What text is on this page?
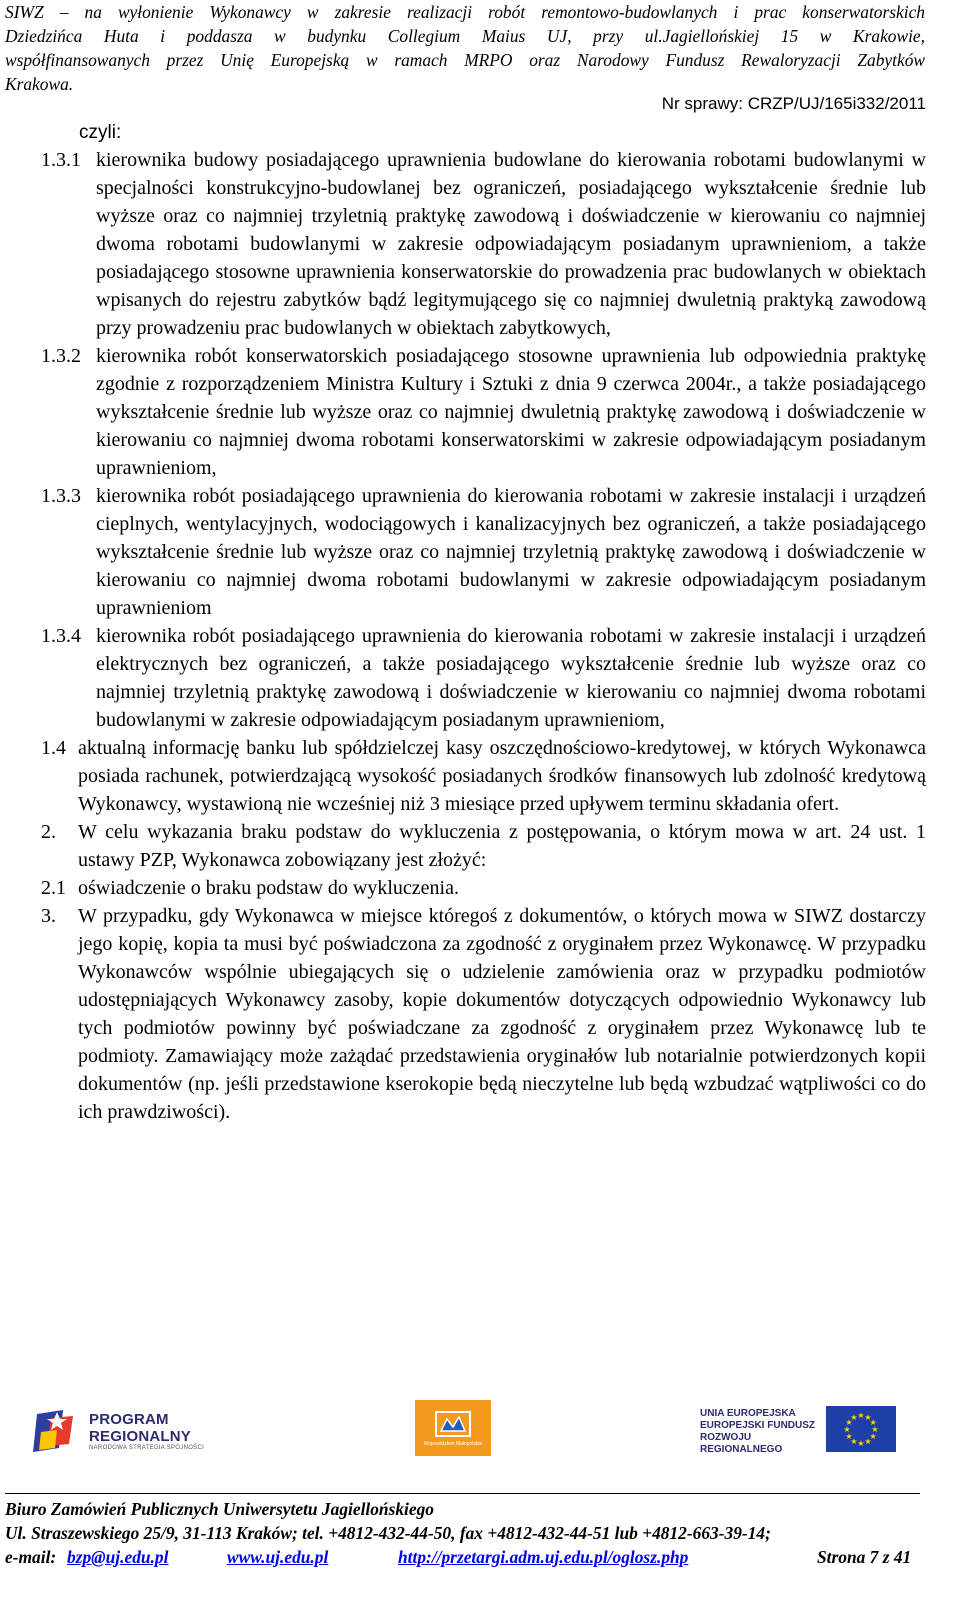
SIWZ – na wyłonienie Wykonawcy w zakresie realizacji robót remontowo-budowlanych i prac konserwatorskich
Dziedzińca Huta i poddasza w budynku Collegium Maius UJ, przy ul.Jagiellońskiej 15 w Krakowie,
współfinansowanych przez Unię Europejską w ramach MRPO oraz Narodowy Fundusz Rewaloryzacji Zabytków
Krakowa.
Nr sprawy: CRZP/UJ/165i332/2011
czyli:
1.3.1 kierownika budowy posiadającego uprawnienia budowlane do kierowania robotami budowlanymi w specjalności konstrukcyjno-budowlanej bez ograniczeń, posiadającego wykształcenie średnie lub wyższe oraz co najmniej trzyletnią praktykę zawodową i doświadczenie w kierowaniu co najmniej dwoma robotami budowlanymi w zakresie odpowiadającym posiadanym uprawnieniom, a także posiadającego stosowne uprawnienia konserwatorskie do prowadzenia prac budowlanych w obiektach wpisanych do rejestru zabytków bądź legitymującego się co najmniej dwuletnią praktyką zawodową przy prowadzeniu prac budowlanych w obiektach zabytkowych,
1.3.2 kierownika robót konserwatorskich posiadającego stosowne uprawnienia lub odpowiednia praktykę zgodnie z rozporządzeniem Ministra Kultury i Sztuki z dnia 9 czerwca 2004r., a także posiadającego wykształcenie średnie lub wyższe oraz co najmniej dwuletnią praktykę zawodową i doświadczenie w kierowaniu co najmniej dwoma robotami konserwatorskimi w zakresie odpowiadającym posiadanym uprawnieniom,
1.3.3 kierownika robót posiadającego uprawnienia do kierowania robotami w zakresie instalacji i urządzeń cieplnych, wentylacyjnych, wodociągowych i kanalizacyjnych bez ograniczeń, a także posiadającego wykształcenie średnie lub wyższe oraz co najmniej trzyletnią praktykę zawodową i doświadczenie w kierowaniu co najmniej dwoma robotami budowlanymi w zakresie odpowiadającym posiadanym uprawnieniom
1.3.4 kierownika robót posiadającego uprawnienia do kierowania robotami w zakresie instalacji i urządzeń elektrycznych bez ograniczeń, a także posiadającego wykształcenie średnie lub wyższe oraz co najmniej trzyletnią praktykę zawodową i doświadczenie w kierowaniu co najmniej dwoma robotami budowlanymi w zakresie odpowiadającym posiadanym uprawnieniom,
1.4 aktualną informację banku lub spółdzielczej kasy oszczędnościowo-kredytowej, w których Wykonawca posiada rachunek, potwierdzającą wysokość posiadanych środków finansowych lub zdolność kredytową Wykonawcy, wystawioną nie wcześniej niż 3 miesiące przed upływem terminu składania ofert.
2. W celu wykazania braku podstaw do wykluczenia z postępowania, o którym mowa w art. 24 ust. 1 ustawy PZP, Wykonawca zobowiązany jest złożyć:
2.1 oświadczenie o braku podstaw do wykluczenia.
3. W przypadku, gdy Wykonawca w miejsce któregoś z dokumentów, o których mowa w SIWZ dostarczy jego kopię, kopia ta musi być poświadczona za zgodność z oryginałem przez Wykonawcę. W przypadku Wykonawców wspólnie ubiegających się o udzielenie zamówienia oraz w przypadku podmiotów udostępniających Wykonawcy zasoby, kopie dokumentów dotyczących odpowiednio Wykonawcy lub tych podmiotów powinny być poświadczane za zgodność z oryginałem przez Wykonawcę lub te podmioty. Zamawiający może zażądać przedstawienia oryginałów lub notarialnie potwierdzonych kopii dokumentów (np. jeśli przedstawione kserokopie będą nieczytelne lub będą wzbudzać wątpliwości co do ich prawdziwości).
PROGRAM REGIONALNY
NARODOWA STRATEGIA SPÓJNOŚCI
Województwo Małopolskie
UNIA EUROPEJSKA
EUROPEJSKI FUNDUSZ
ROZWOJU REGIONALNEGO
★ ★
★
★
★
★
★
★
★
★
★
★
Biuro Zamówień Publicznych Uniwersytetu Jagiellońskiego
Ul. Straszewskiego 25/9, 31-113 Kraków; tel. +4812-432-44-50, fax +4812-432-44-51 lub +4812-663-39-14;
e-mail: bzp@uj.edu.pl	www.uj.edu.pl	http://przetargi.adm.uj.edu.pl/oglosz.php	Strona 7 z 41
